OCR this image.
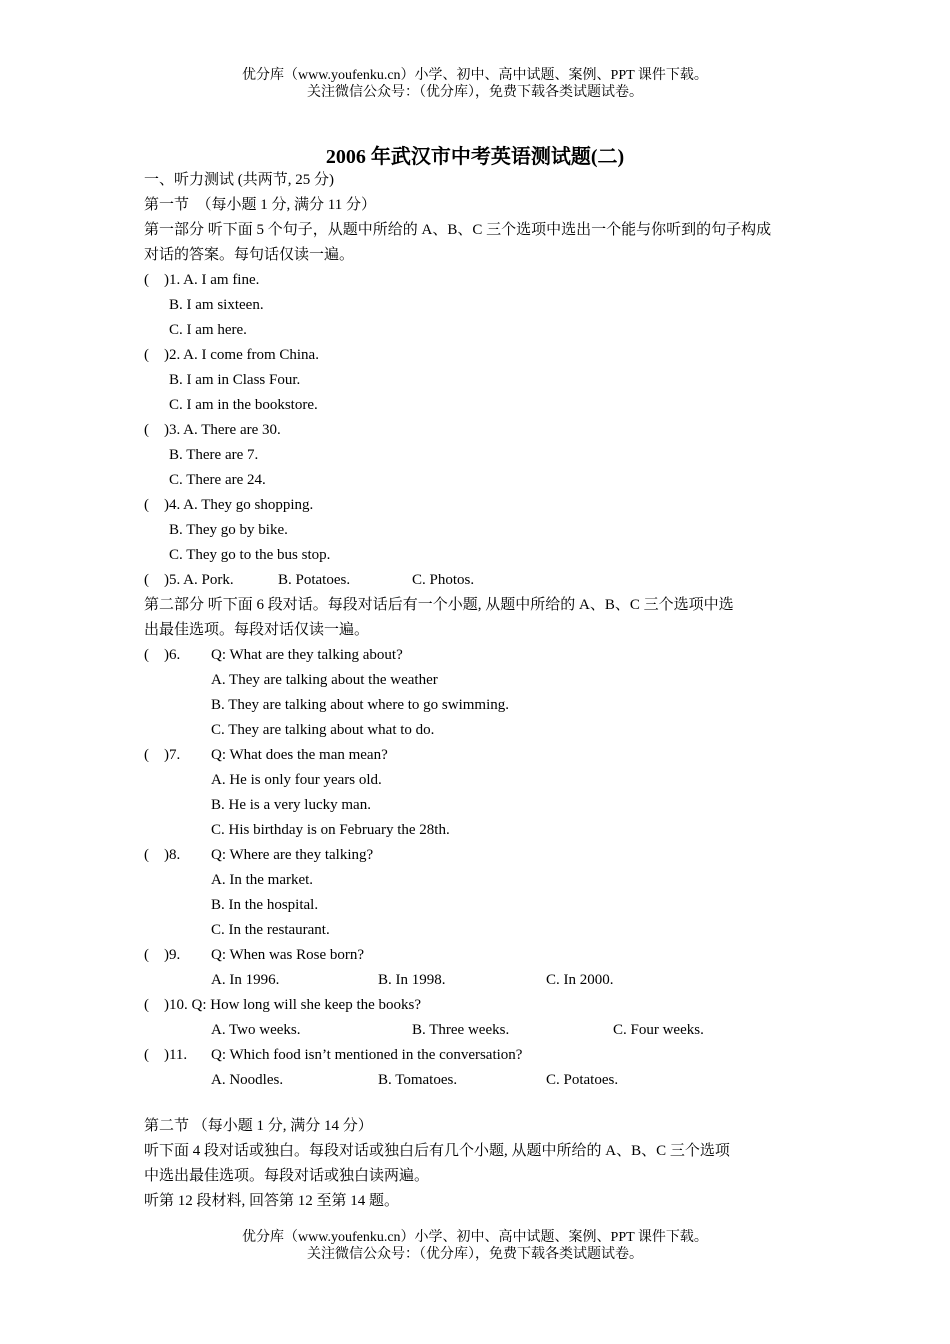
优分库（www.youfenku.cn）小学、初中、高中试题、案例、PPT 课件下载。
关注微信公众号：（优分库），免费下载各类试题试卷。
2006 年武汉市中考英语测试题(二)
一、听力测试 (共两节, 25 分)
第一节　（每小题 1 分, 满分 11 分）
第一部分 听下面 5 个句子，从题中所给的 A、B、C 三个选项中选出一个能与你听到的句子构成
对话的答案。每句话仅读一遍。
(　)1. A. I am fine.
B. I am sixteen.
C. I am here.
(　)2. A. I come from China.
B. I am in Class Four.
C. I am in the bookstore.
(　)3. A. There are 30.
B. There are 7.
C. There are 24.
(　)4. A. They go shopping.
B. They go by bike.
C. They go to the bus stop.
(　)5. A. Pork.	B. Potatoes.	C. Photos.
第二部分 听下面 6 段对话。每段对话后有一个小题, 从题中所给的 A、B、C 三个选项中选
出最佳选项。每段对话仅读一遍。
(　)6. Q: What are they talking about?
A. They are talking about the weather
B. They are talking about where to go swimming.
C. They are talking about what to do.
(　)7. Q: What does the man mean?
A. He is only four years old.
B. He is a very lucky man.
C. His birthday is on February the 28th.
(　)8. Q: Where are they talking?
A. In the market.
B. In the hospital.
C. In the restaurant.
(　)9. Q: When was Rose born?
A. In 1996.	B. In 1998.	C. In 2000.
(　)10. Q: How long will she keep the books?
A. Two weeks.	B. Three weeks.	C. Four weeks.
(　)11. Q: Which food isn’t mentioned in the conversation?
A. Noodles.	B. Tomatoes.	C. Potatoes.
第二节 （每小题 1 分, 满分 14 分）
听下面 4 段对话或独白。每段对话或独白后有几个小题, 从题中所给的 A、B、C 三个选项
中选出最佳选项。每段对话或独白读两遍。
听第 12 段材料, 回答第 12 至第 14 题。
优分库（www.youfenku.cn）小学、初中、高中试题、案例、PPT 课件下载。
关注微信公众号：（优分库），免费下载各类试题试卷。
